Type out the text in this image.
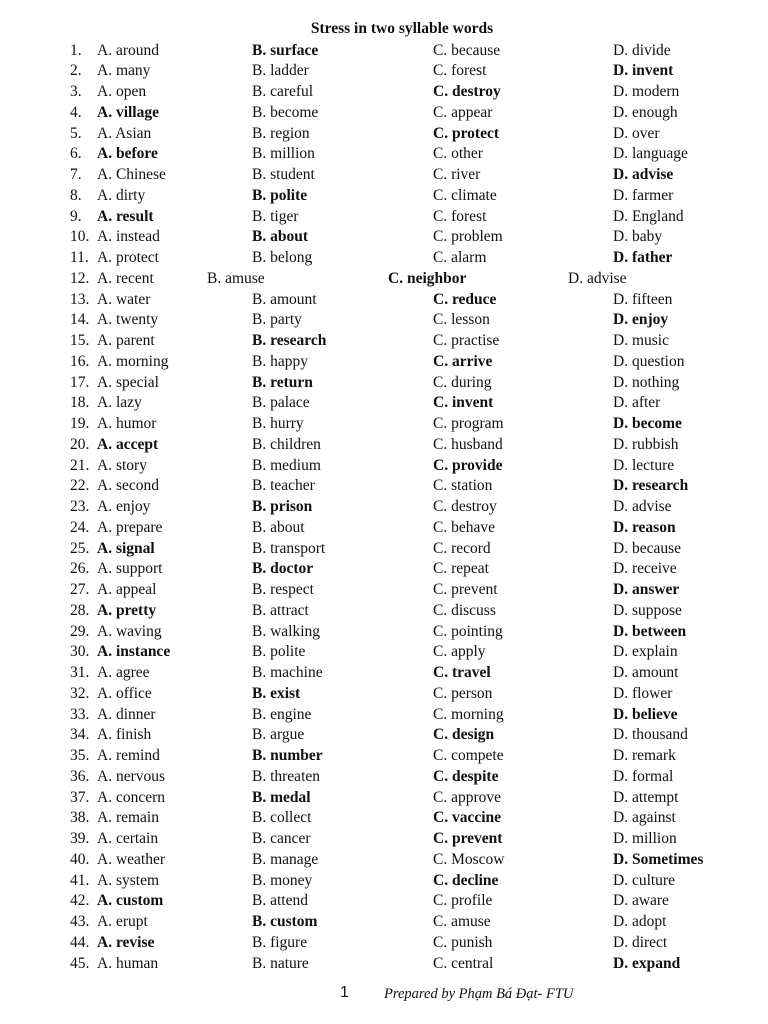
Stress in two syllable words
1. A. around	B. surface	C. because	D. divide
2. A. many	B. ladder	C. forest	D. invent
3. A. open	B. careful	C. destroy	D. modern
4. A. village	B. become	C. appear	D. enough
5. A. Asian	B. region	C. protect	D. over
6. A. before	B. million	C. other	D. language
7. A. Chinese	B. student	C. river	D. advise
8. A. dirty	B. polite	C. climate	D. farmer
9. A. result	B. tiger	C. forest	D. England
10. A. instead	B. about	C. problem	D. baby
11. A. protect	B. belong	C. alarm	D. father
12. A. recent	B. amuse	C. neighbor	D. advise
13. A. water	B. amount	C. reduce	D. fifteen
14. A. twenty	B. party	C. lesson	D. enjoy
15. A. parent	B. research	C. practise	D. music
16. A. morning	B. happy	C. arrive	D. question
17. A. special	B. return	C. during	D. nothing
18. A. lazy	B. palace	C. invent	D. after
19. A. humor	B. hurry	C. program	D. become
20. A. accept	B. children	C. husband	D. rubbish
21. A. story	B. medium	C. provide	D. lecture
22. A. second	B. teacher	C. station	D. research
23. A. enjoy	B. prison	C. destroy	D. advise
24. A. prepare	B. about	C. behave	D. reason
25. A. signal	B. transport	C. record	D. because
26. A. support	B. doctor	C. repeat	D. receive
27. A. appeal	B. respect	C. prevent	D. answer
28. A. pretty	B. attract	C. discuss	D. suppose
29. A. waving	B. walking	C. pointing	D. between
30. A. instance	B. polite	C. apply	D. explain
31. A. agree	B. machine	C. travel	D. amount
32. A. office	B. exist	C. person	D. flower
33. A. dinner	B. engine	C. morning	D. believe
34. A. finish	B. argue	C. design	D. thousand
35. A. remind	B. number	C. compete	D. remark
36. A. nervous	B. threaten	C. despite	D. formal
37. A. concern	B. medal	C. approve	D. attempt
38. A. remain	B. collect	C. vaccine	D. against
39. A. certain	B. cancer	C. prevent	D. million
40. A. weather	B. manage	C. Moscow	D. Sometimes
41. A. system	B. money	C. decline	D. culture
42. A. custom	B. attend	C. profile	D. aware
43. A. erupt	B. custom	C. amuse	D. adopt
44. A. revise	B. figure	C. punish	D. direct
45. A. human	B. nature	C. central	D. expand
1 Prepared by Phạm Bá Đạt- FTU
